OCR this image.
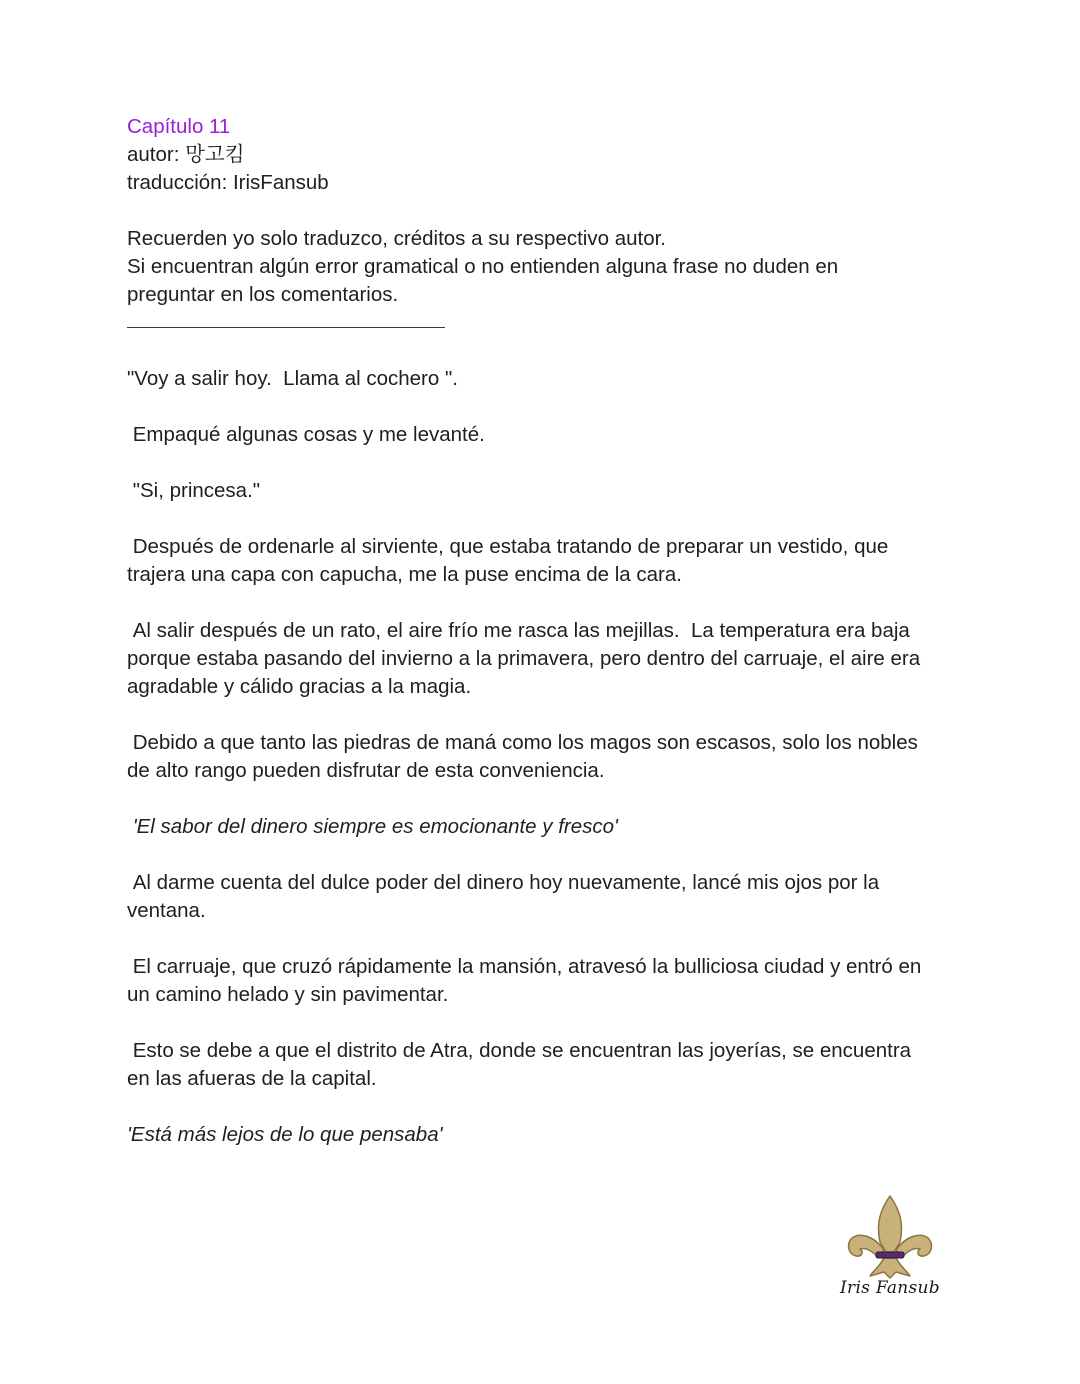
Capítulo 11
autor: 망고킴
traducción: IrisFansub
Recuerden yo solo traduzco, créditos a su respectivo autor.
Si encuentran algún error gramatical o no entienden alguna frase no duden en
preguntar en los comentarios.
"Voy a salir hoy.  Llama al cochero ".
Empaqué algunas cosas y me levanté.
"Si, princesa."
Después de ordenarle al sirviente, que estaba tratando de preparar un vestido, que
trajera una capa con capucha, me la puse encima de la cara.
Al salir después de un rato, el aire frío me rasca las mejillas.  La temperatura era baja
porque estaba pasando del invierno a la primavera, pero dentro del carruaje, el aire era
agradable y cálido gracias a la magia.
Debido a que tanto las piedras de maná como los magos son escasos, solo los nobles
de alto rango pueden disfrutar de esta conveniencia.
'El sabor del dinero siempre es emocionante y fresco'
Al darme cuenta del dulce poder del dinero hoy nuevamente, lancé mis ojos por la
ventana.
El carruaje, que cruzó rápidamente la mansión, atravesó la bulliciosa ciudad y entró en
un camino helado y sin pavimentar.
Esto se debe a que el distrito de Atra, donde se encuentran las joyerías, se encuentra
en las afueras de la capital.
'Está más lejos de lo que pensaba'
Iris Fansub
